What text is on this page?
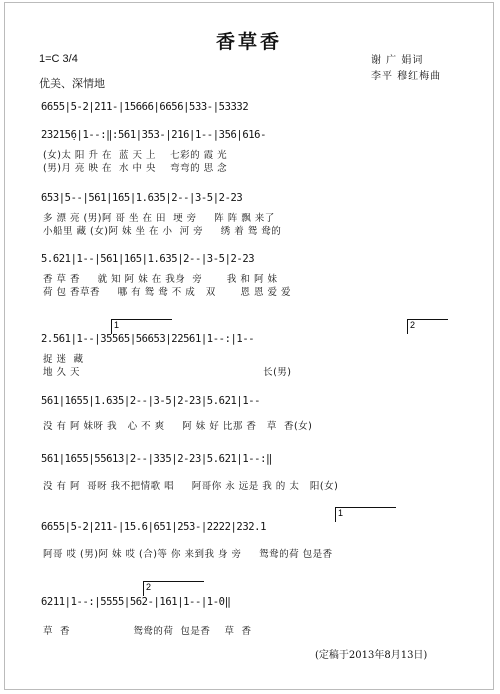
香草香
1=C 3/4
优美、深情地
谢 广 娟词
李平 穆红梅曲
6655|5-2|2̇11-|15666|6656|533-|53332
23215̣6|1--:‖:561|353-|216|1--|356|616-
(女)太 阳 升 在  蓝 天 上    七彩的 霞 光
(男)月 亮 映 在  水 中 央    弯弯的 思 念
653|5--|561|165|1.635|2--|3-5|2-23
多 漂 亮 (男)阿 哥 坐 在 田  埂 旁     阵 阵 飘 来了
小船里 藏 (女)阿 妹 坐 在 小  河 旁     绣 着 鸳 鸯的
5.621|1--|561|165|1.635|2--|3-5|2-23
香 草 香     就 知 阿 妹 在 我身  旁       我 和 阿 妹
荷 包 香草香     哪 有 鸳 鸯 不 成   双       恩 恩 爱 爱
1	2
2.561|1--|35565|56653|22561|1--:|1--
捉 迷  藏
地 久 天                                                    长(男)
561|1655|1.635|2--|3-5|2-23|5.621|1--
没 有 阿 妹呀 我   心 不 爽     阿 妹 好 比那 香   草  香(女)
561|1655|55613|2--|335|2-23|5.621|1--:‖
没 有 阿  哥呀 我不把情歌 唱     阿哥你 永 远是 我 的 太   阳(女)
1
6655|5-2|211-|15.6|651|253-|2222|232.1
阿哥 哎 (男)阿 妹 哎 (合)等 你 来到我 身 旁     鸳鸯的荷 包是香
2
6211|1--:|5555|562-|161|1--|1-0‖
草  香                  鸳鸯的荷  包是香    草  香
(定稿于2013年8月13日)
